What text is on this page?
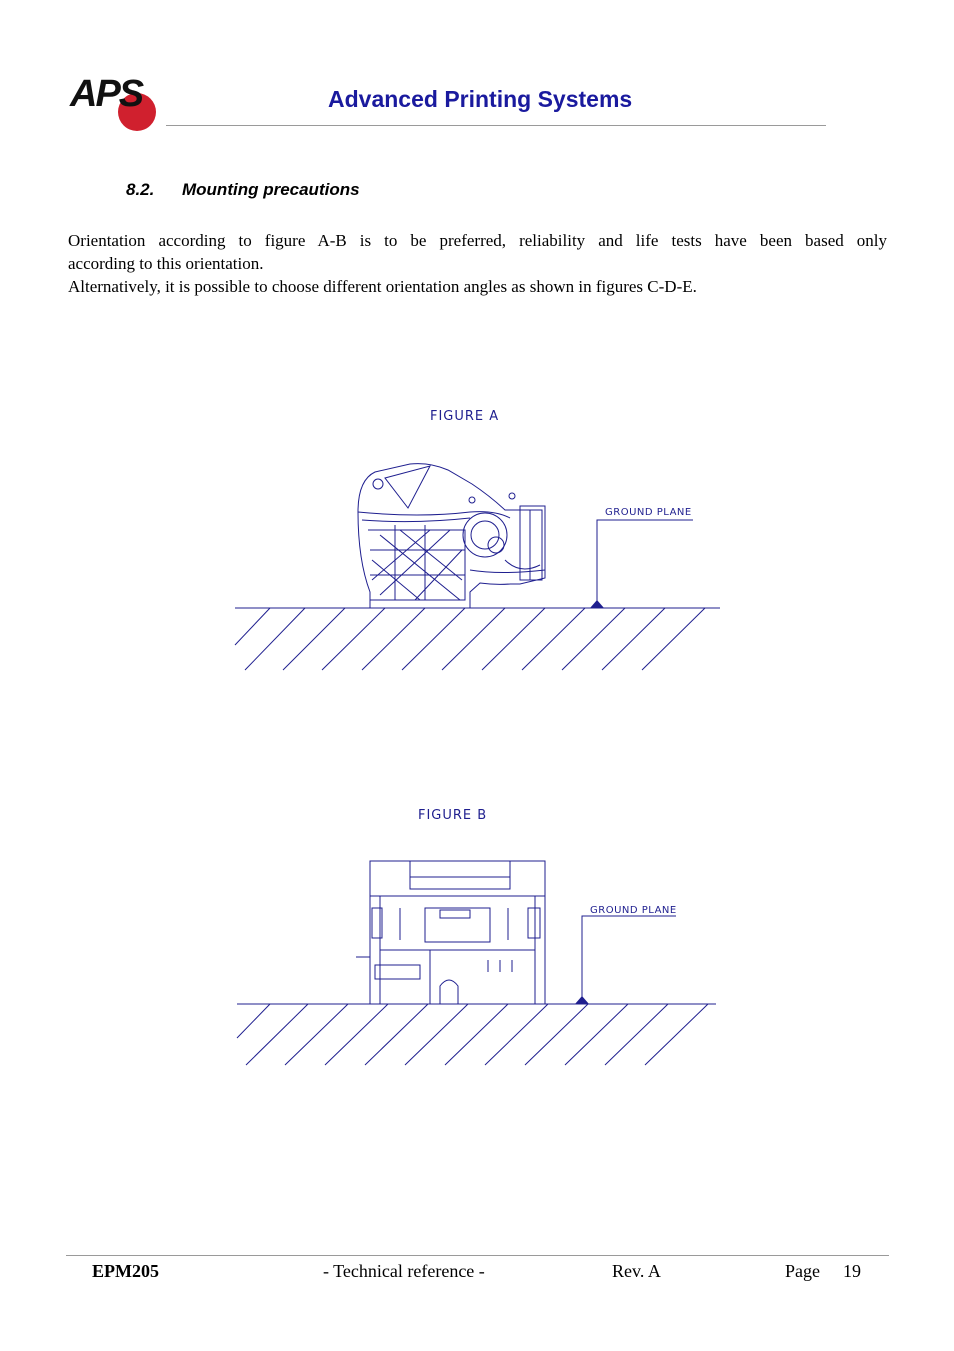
APS	Advanced Printing Systems
8.2. Mounting precautions

Orientation according to figure A-B is to be preferred, reliability and life tests have been based only

according to this orientation.

Alternatively, it is possible to choose different orientation angles as shown in figures C-D-E.

FIGURE A
GROUND PLANE
FIGURE B
GROUND PLANE
EPM205	- Technical reference -	Rev. A	Page 19
